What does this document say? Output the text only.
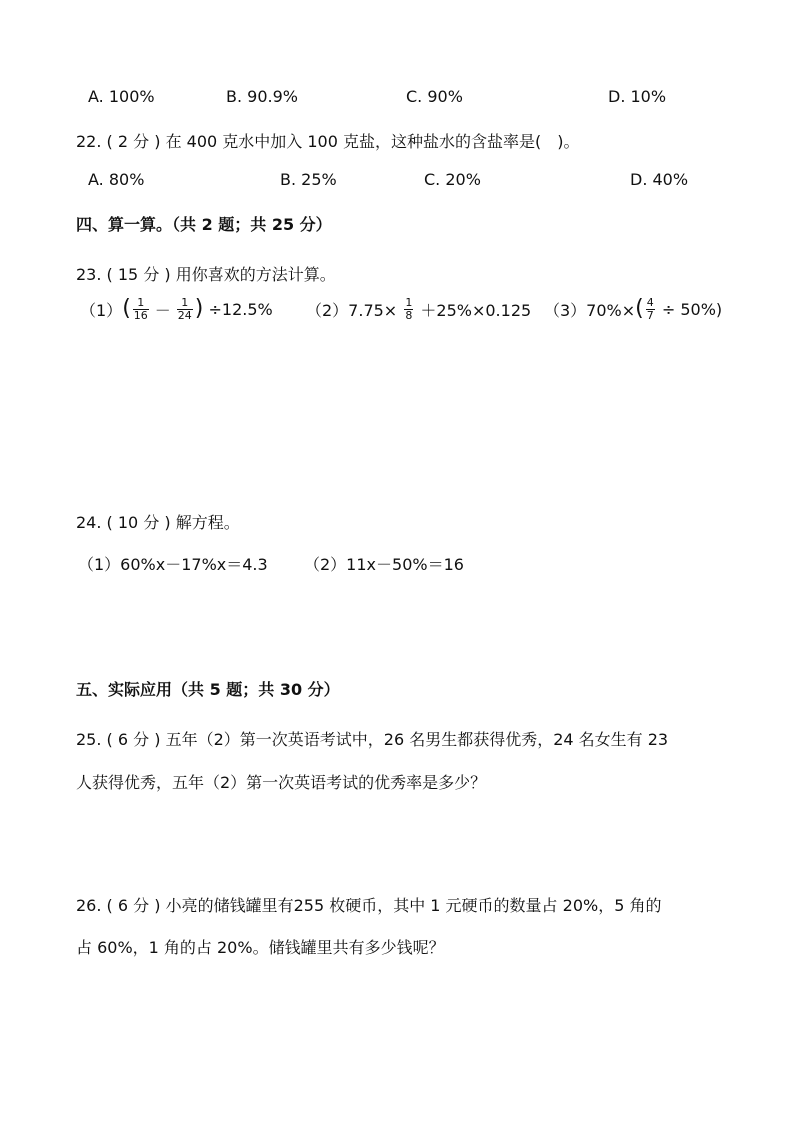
A. 100%	B. 90.9%	C. 90%	D. 10%
22. ( 2 分 ) 在 400 克水中加入 100 克盐，这种盐水的含盐率是( )。
A. 80%	B. 25%	C. 20%	D. 40%
四、算一算。（共 2 题；共 25 分）
23. ( 15 分 ) 用你喜欢的方法计算。
$(1)( \frac{1}{16} - \frac{1}{24}$ ) ÷12.5% $(2)7.75\times \frac{1}{8} +25\%\times 0.125$ $(3)70\%\times( \frac{4}{7} \div 50\%)$
24. ( 10 分 ) 解方程。
（1）60%x－17%x＝4.3 （2）11x－50%＝16
五、实际应用（共 5 题；共 30 分）
25. ( 6 分 ) 五年（2）第一次英语考试中，26 名男生都获得优秀，24 名女生有 23
人获得优秀，五年（2）第一次英语考试的优秀率是多少？
26. ( 6 分 ) 小亮的储钱罐里有255 枚硬币，其中 1 元硬币的数量占 20%，5 角的
占 60%，1 角的占 20%。储钱罐里共有多少钱呢？
